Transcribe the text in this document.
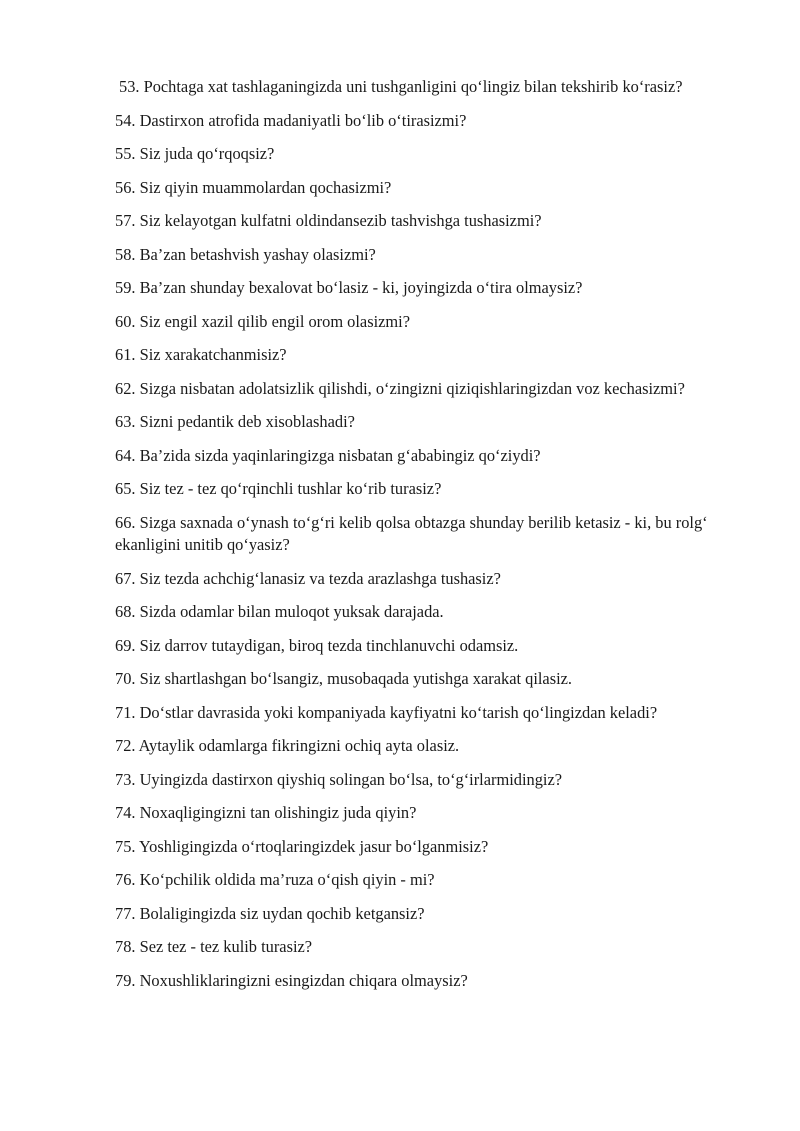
53. Pochtaga xat tashlaganingizda uni tushganligini qo‘lingiz bilan tekshirib ko‘rasiz?
54. Dastirxon atrofida madaniyatli bo‘lib o‘tirasizmi?
55. Siz juda qo‘rqoqsiz?
56. Siz qiyin muammolardan qochasizmi?
57. Siz kelayotgan kulfatni oldindansezib tashvishga tushasizmi?
58. Ba’zan betashvish yashay olasizmi?
59. Ba’zan shunday bexalovat bo‘lasiz - ki, joyingizda o‘tira olmaysiz?
60. Siz engil xazil qilib engil orom olasizmi?
61. Siz xarakatchanmisiz?
62. Sizga nisbatan adolatsizlik qilishdi, o‘zingizni qiziqishlaringizdan voz kechasizmi?
63. Sizni pedantik deb xisoblashadi?
64. Ba’zida sizda yaqinlaringizga nisbatan g‘ababingiz qo‘ziydi?
65. Siz tez - tez qo‘rqinchli tushlar ko‘rib turasiz?
66. Sizga saxnada o‘ynash to‘g‘ri kelib qolsa obtazga shunday berilib ketasiz - ki, bu rolg‘ ekanligini unitib qo‘yasiz?
67. Siz tezda achchig‘lanasiz va tezda arazlashga tushasiz?
68. Sizda odamlar bilan muloqot yuksak darajada.
69. Siz darrov tutaydigan, biroq tezda tinchlanuvchi odamsiz.
70. Siz shartlashgan bo‘lsangiz, musobaqada yutishga xarakat qilasiz.
71. Do‘stlar davrasida yoki kompaniyada kayfiyatni ko‘tarish qo‘lingizdan keladi?
72. Aytaylik odamlarga fikringizni ochiq ayta olasiz.
73. Uyingizda dastirxon qiyshiq solingan bo‘lsa, to‘g‘irlarmidingiz?
74. Noxaqligingizni tan olishingiz juda qiyin?
75. Yoshligingizda o‘rtoqlaringizdek jasur bo‘lganmisiz?
76. Ko‘pchilik oldida ma’ruza o‘qish qiyin - mi?
77. Bolaligingizda siz uydan qochib ketgansiz?
78. Sez tez - tez kulib turasiz?
79. Noxushliklaringizni esingizdan chiqara olmaysiz?
